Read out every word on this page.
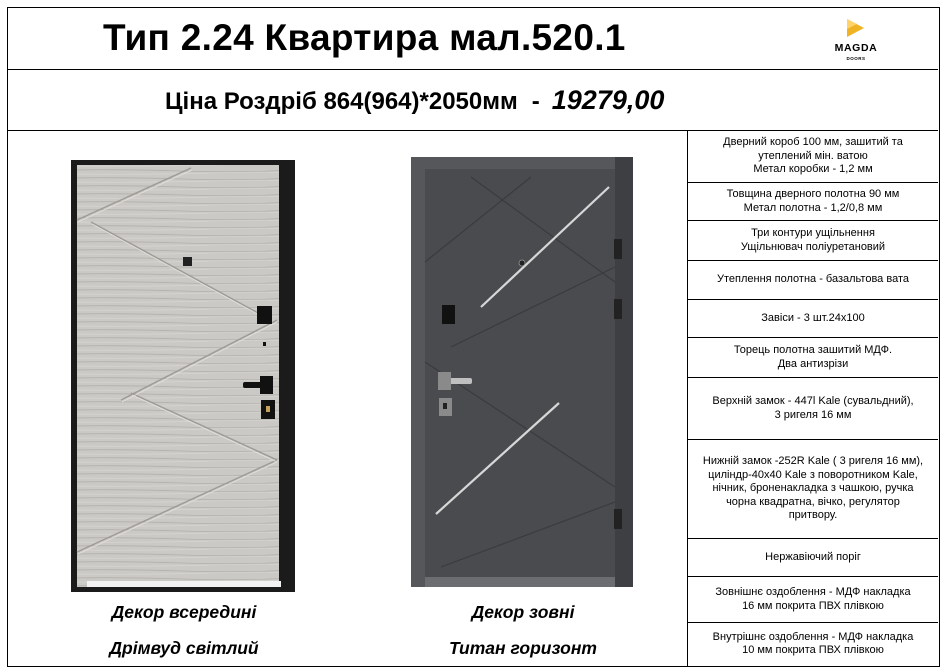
Тип 2.24 Квартира мал.520.1	MAGDA
DOORS
Ціна Роздріб 864(964)*2050мм - 19279,00
Декор всередині
Дрімвуд світлий
Декор зовні
Титан горизонт
Дверний короб 100 мм, зашитий та
утеплений мін. ватою
Метал коробки - 1,2 мм
Товщина дверного полотна 90 мм
Метал полотна - 1,2/0,8 мм
Три контури ущільнення
Ущільнювач поліуретановий
Утеплення полотна - базальтова вата
Завіси - 3 шт.24х100
Торець полотна зашитий МДФ.
Два антизрізи
Верхній замок - 447l Kale (сувальдний),
3 ригеля 16 мм
Нижній замок -252R Kale ( 3 ригеля 16 мм),
циліндр-40х40 Kale з поворотником Kale,
нічник, броненакладка з чашкою, ручка
чорна квадратна, вічко, регулятор
притвору.
Нержавіючий поріг
Зовнішнє оздоблення - МДФ накладка
16 мм покрита ПВХ плівкою
Внутрішнє оздоблення - МДФ накладка
10 мм покрита ПВХ плівкою
